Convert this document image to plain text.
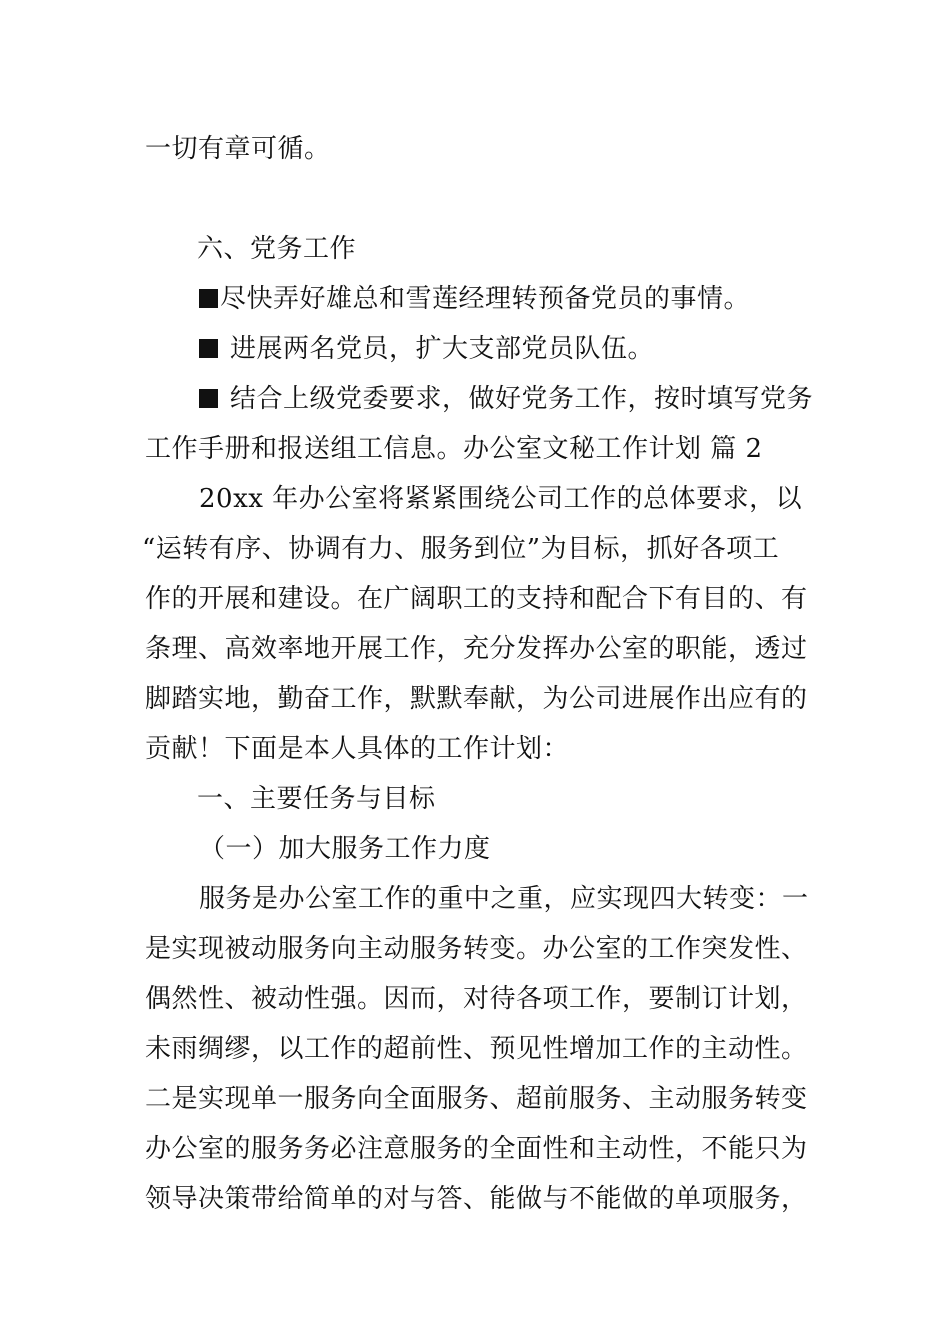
一切有章可循。
六、党务工作
尽快弄好雄总和雪莲经理转预备党员的事情。
进展两名党员，扩大支部党员队伍。
结合上级党委要求，做好党务工作，按时填写党务
工作手册和报送组工信息。办公室文秘工作计划 篇 2
20xx 年办公室将紧紧围绕公司工作的总体要求，以
“运转有序、协调有力、服务到位”为目标，抓好各项工
作的开展和建设。在广阔职工的支持和配合下有目的、有
条理、高效率地开展工作，充分发挥办公室的职能，透过
脚踏实地，勤奋工作，默默奉献，为公司进展作出应有的
贡献！下面是本人具体的工作计划：
一、主要任务与目标
（一）加大服务工作力度
服务是办公室工作的重中之重，应实现四大转变：一
是实现被动服务向主动服务转变。办公室的工作突发性、
偶然性、被动性强。因而，对待各项工作，要制订计划，
未雨绸缪，以工作的超前性、预见性增加工作的主动性。
二是实现单一服务向全面服务、超前服务、主动服务转变
办公室的服务务必注意服务的全面性和主动性，不能只为
领导决策带给简单的对与答、能做与不能做的单项服务，
